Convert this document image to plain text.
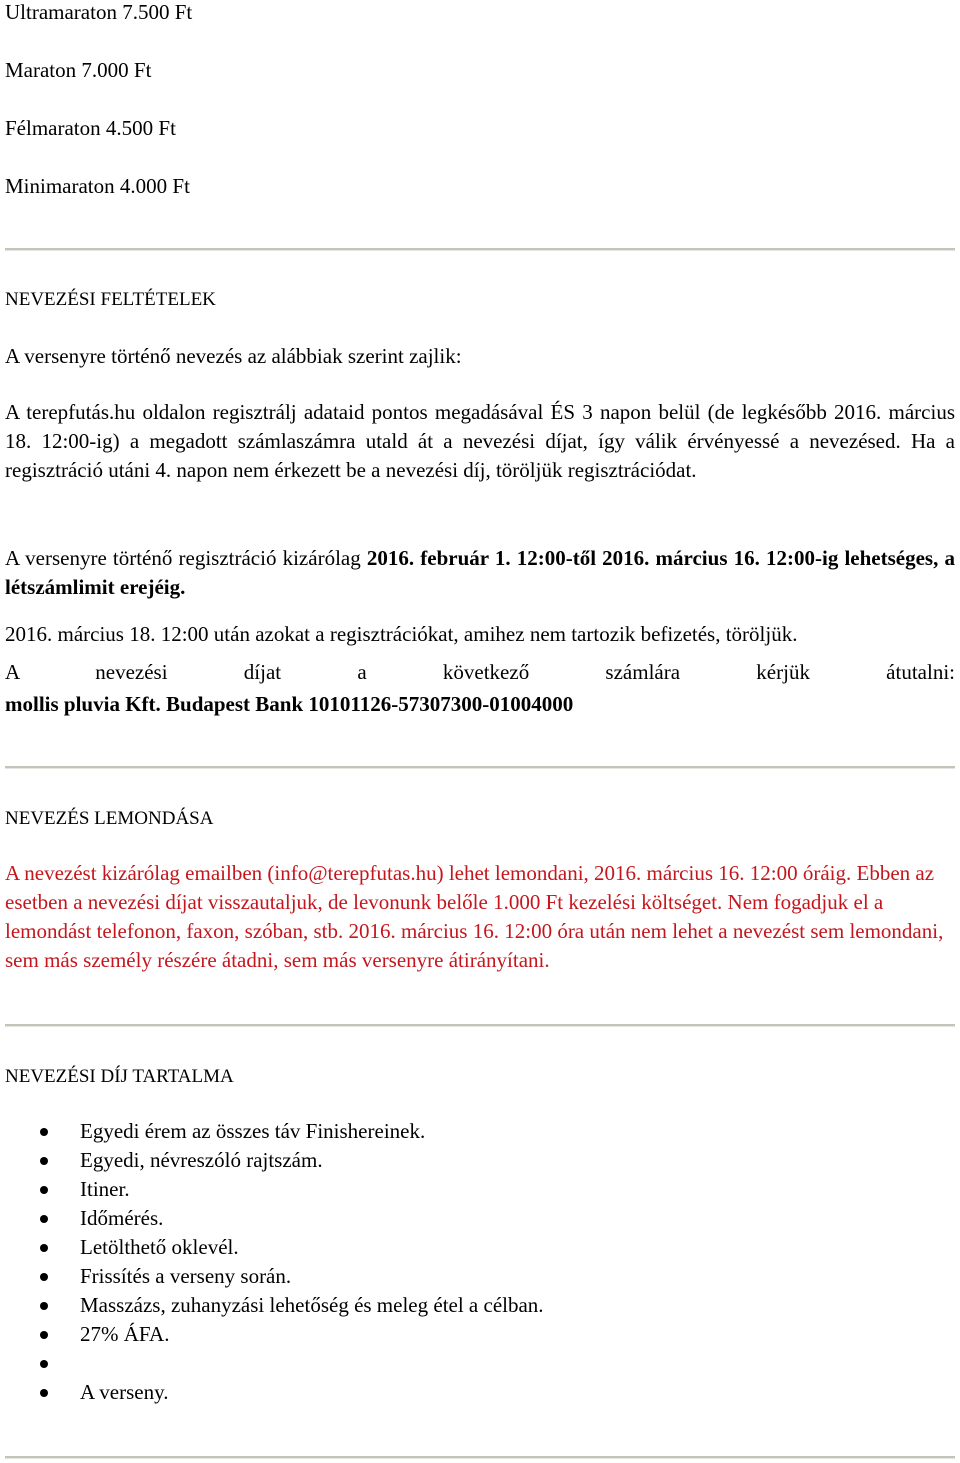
Ultramaraton 7.500 Ft

Maraton 7.000 Ft

Félmaraton 4.500 Ft

Minimaraton 4.000 Ft

NEVEZÉSI FELTÉTELEK

A versenyre történő nevezés az alábbiak szerint zajlik:

A terepfutás.hu oldalon regisztrálj adataid pontos megadásával ÉS 3 napon belül (de legkésőbb 2016. március 18. 12:00-ig) a megadott számlaszámra utald át a nevezési díjat, így válik érvényessé a nevezésed. Ha a regisztráció utáni 4. napon nem érkezett be a nevezési díj, töröljük regisztrációdat.

A versenyre történő regisztráció kizárólag 2016. február 1. 12:00-től 2016. március 16. 12:00-ig lehetséges, a létszámlimit erejéig.

2016. március 18. 12:00 után azokat a regisztrációkat, amihez nem tartozik befizetés, töröljük.

A nevezési díjat a következő számlára kérjük átutalni:

mollis pluvia Kft. Budapest Bank 10101126-57307300-01004000

NEVEZÉS LEMONDÁSA

A nevezést kizárólag emailben (info@terepfutas.hu) lehet lemondani, 2016. március 16. 12:00 óráig. Ebben az esetben a nevezési díjat visszautaljuk, de levonunk belőle 1.000 Ft kezelési költséget. Nem fogadjuk el a lemondást telefonon, faxon, szóban, stb. 2016. március 16. 12:00 óra után nem lehet a nevezést sem lemondani, sem más személy részére átadni, sem más versenyre átirányítani.

NEVEZÉSI DÍJ TARTALMA
Egyedi érem az összes táv Finishereinek.
Egyedi, névreszóló rajtszám.
Itiner.
Időmérés.
Letölthető oklevél.
Frissítés a verseny során.
Masszázs, zuhanyzási lehetőség és meleg étel a célban.
27% ÁFA.
A verseny.
